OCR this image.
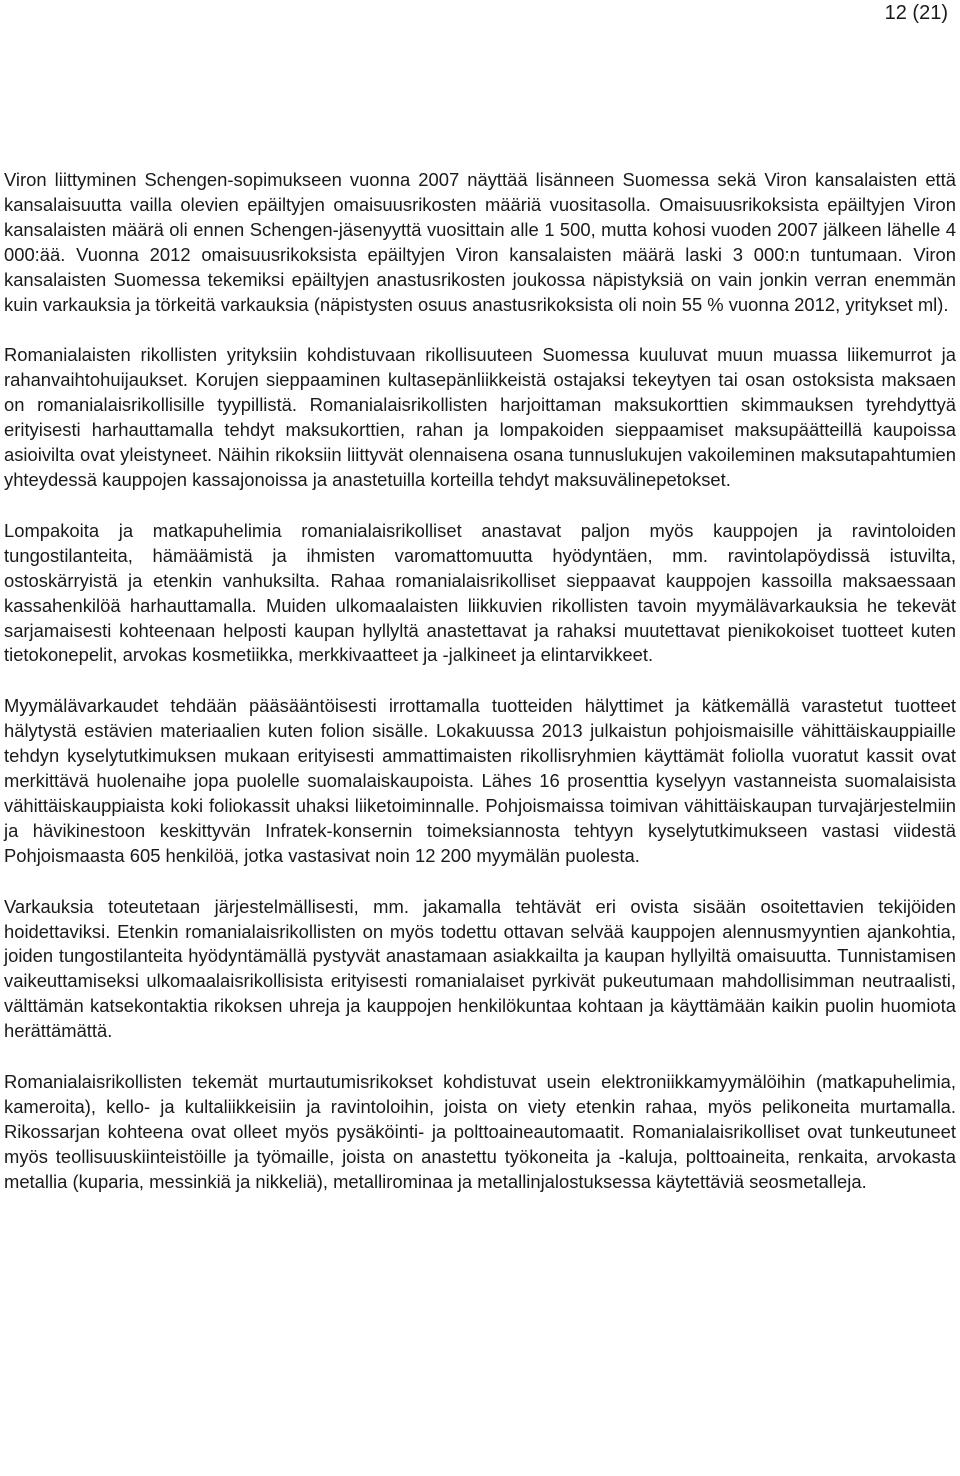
12 (21)

Viron liittyminen Schengen-sopimukseen vuonna 2007 näyttää lisänneen Suomessa sekä Viron kansalaisten että kansalaisuutta vailla olevien epäiltyjen omaisuusrikosten määriä vuositasolla. Omaisuusrikoksista epäiltyjen Viron kansalaisten määrä oli ennen Schengen-jäsenyyttä vuosittain alle 1 500, mutta kohosi vuoden 2007 jälkeen lähelle 4 000:ää. Vuonna 2012 omaisuusrikoksista epäiltyjen Viron kansalaisten määrä laski 3 000:n tuntumaan. Viron kansalaisten Suomessa tekemiksi epäiltyjen anastusrikosten joukossa näpistyksiä on vain jonkin verran enemmän kuin varkauksia ja törkeitä varkauksia (näpistysten osuus anastusrikoksista oli noin 55 % vuonna 2012, yritykset ml).

Romanialaisten rikollisten yrityksiin kohdistuvaan rikollisuuteen Suomessa kuuluvat muun muassa liikemurrot ja rahanvaihtohuijaukset. Korujen sieppaaminen kultasepänliikkeistä ostajaksi tekeytyen tai osan ostoksista maksaen on romanialaisrikollisille tyypillistä. Romanialaisrikollisten harjoittaman maksukorttien skimmauksen tyrehdyttyä erityisesti harhauttamalla tehdyt maksukorttien, rahan ja lompakoiden sieppaamiset maksupäätteillä kaupoissa asioivilta ovat yleistyneet. Näihin rikoksiin liittyvät olennaisena osana tunnuslukujen vakoileminen maksutapahtumien yhteydessä kauppojen kassajonoissa ja anastetuilla korteilla tehdyt maksuvälinepetokset.

Lompakoita ja matkapuhelimia romanialaisrikolliset anastavat paljon myös kauppojen ja ravintoloiden tungostilanteita, hämäämistä ja ihmisten varomattomuutta hyödyntäen, mm. ravintolapöydissä istuvilta, ostoskärryistä ja etenkin vanhuksilta. Rahaa romanialaisrikolliset sieppaavat kauppojen kassoilla maksaessaan kassahenkilöä harhauttamalla. Muiden ulkomaalaisten liikkuvien rikollisten tavoin myymälävarkauksia he tekevät sarjamaisesti kohteenaan helposti kaupan hyllyltä anastettavat ja rahaksi muutettavat pienikokoiset tuotteet kuten tietokonepelit, arvokas kosmetiikka, merkkivaatteet ja -jalkineet ja elintarvikkeet.

Myymälävarkaudet tehdään pääsääntöisesti irrottamalla tuotteiden hälyttimet ja kätkemällä varastetut tuotteet hälytystä estävien materiaalien kuten folion sisälle. Lokakuussa 2013 julkaistun pohjoismaisille vähittäiskauppiaille tehdyn kyselytutkimuksen mukaan erityisesti ammattimaisten rikollisryhmien käyttämät foliolla vuoratut kassit ovat merkittävä huolenaihe jopa puolelle suomalaiskaupoista. Lähes 16 prosenttia kyselyyn vastanneista suomalaisista vähittäiskauppiaista koki foliokassit uhaksi liiketoiminnalle. Pohjoismaissa toimivan vähittäiskaupan turvajärjestelmiin ja hävikinestoon keskittyvän Infratek-konsernin toimeksiannosta tehtyyn kyselytutkimukseen vastasi viidestä Pohjoismaasta 605 henkilöä, jotka vastasivat noin 12 200 myymälän puolesta.

Varkauksia toteutetaan järjestelmällisesti, mm. jakamalla tehtävät eri ovista sisään osoitettavien tekijöiden hoidettaviksi. Etenkin romanialaisrikollisten on myös todettu ottavan selvää kauppojen alennusmyyntien ajankohtia, joiden tungostilanteita hyödyntämällä pystyvät anastamaan asiakkailta ja kaupan hyllyiltä omaisuutta. Tunnistamisen vaikeuttamiseksi ulkomaalaisrikollisista erityisesti romanialaiset pyrkivät pukeutumaan mahdollisimman neutraalisti, välttämän katsekontaktia rikoksen uhreja ja kauppojen henkilökuntaa kohtaan ja käyttämään kaikin puolin huomiota herättämättä.

Romanialaisrikollisten tekemät murtautumisrikokset kohdistuvat usein elektroniikkamyymälöihin (matkapuhelimia, kameroita), kello- ja kultaliikkeisiin ja ravintoloihin, joista on viety etenkin rahaa, myös pelikoneita murtamalla. Rikossarjan kohteena ovat olleet myös pysäköinti- ja polttoaineautomaatit. Romanialaisrikolliset ovat tunkeutuneet myös teollisuuskiinteistöille ja työmaille, joista on anastettu työkoneita ja -kaluja, polttoaineita, renkaita, arvokasta metallia (kuparia, messinkiä ja nikkeliä), metallirominaa ja metallinjalostuksessa käytettäviä seosmetalleja.
